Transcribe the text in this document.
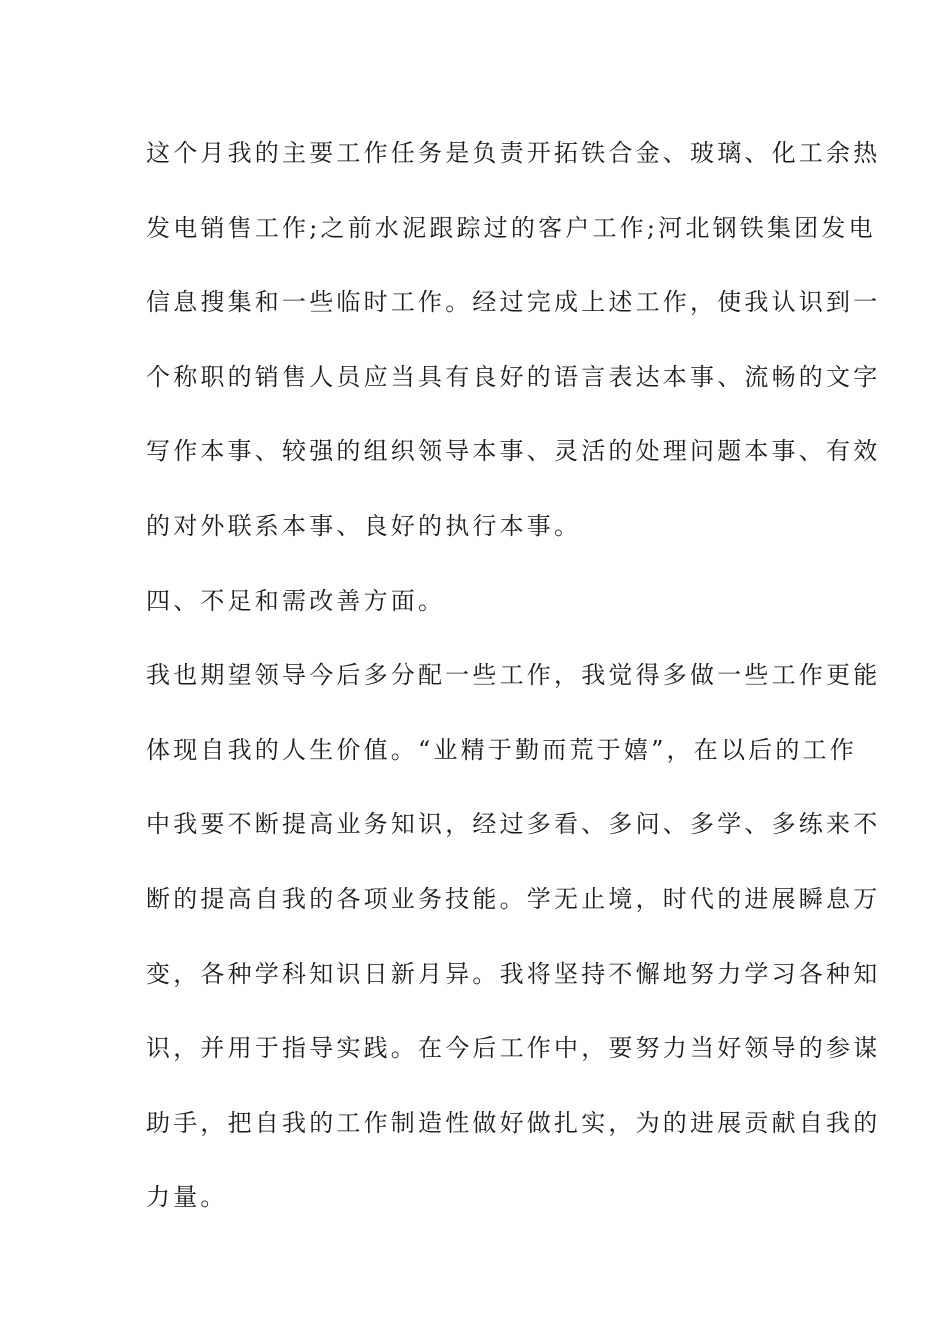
这个月我的主要工作任务是负责开拓铁合金、玻璃、化工余热
发电销售工作;之前水泥跟踪过的客户工作;河北钢铁集团发电
信息搜集和一些临时工作。经过完成上述工作，使我认识到一
个称职的销售人员应当具有良好的语言表达本事、流畅的文字
写作本事、较强的组织领导本事、灵活的处理问题本事、有效
的对外联系本事、良好的执行本事。
四、不足和需改善方面。
我也期望领导今后多分配一些工作，我觉得多做一些工作更能
体现自我的人生价值。“业精于勤而荒于嬉”，在以后的工作
中我要不断提高业务知识，经过多看、多问、多学、多练来不
断的提高自我的各项业务技能。学无止境，时代的进展瞬息万
变，各种学科知识日新月异。我将坚持不懈地努力学习各种知
识，并用于指导实践。在今后工作中，要努力当好领导的参谋
助手，把自我的工作制造性做好做扎实，为的进展贡献自我的
力量。
